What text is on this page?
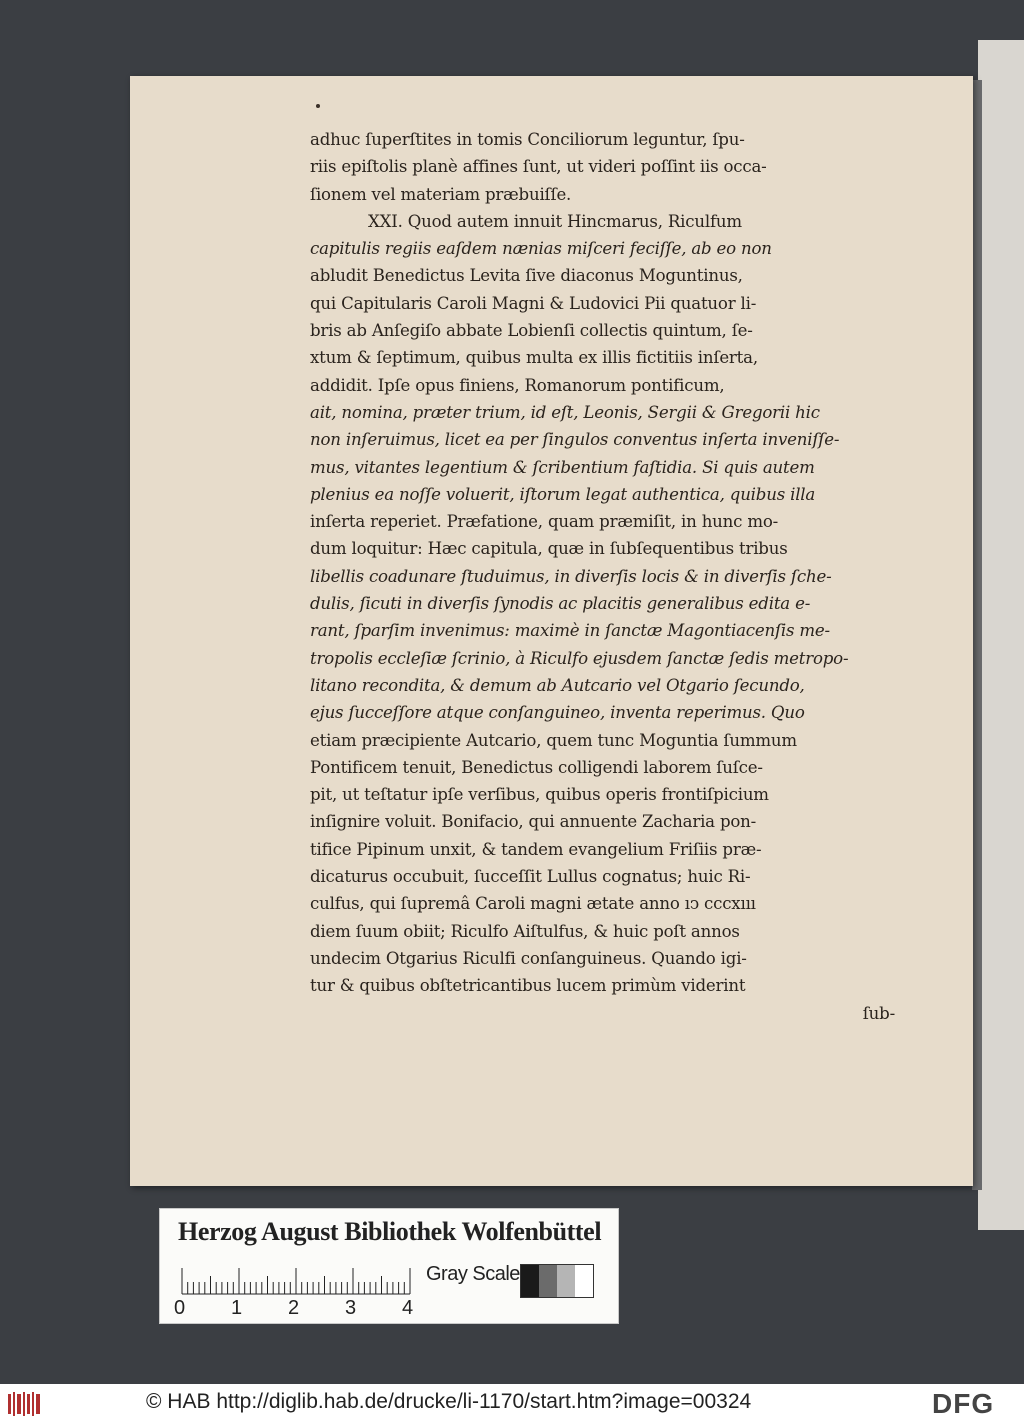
adhuc ſuperſtites in tomis Conciliorum leguntur, ſpu-
riis epiſtolis planè affines ſunt, ut videri poſſint iis occa-
ſionem vel materiam præbuiſſe.
XXI. Quod autem innuit Hincmarus, Riculfum
capitulis regiis eaſdem nænias miſceri feciſſe, ab eo non
abludit Benedictus Levita ſive diaconus Moguntinus,
qui Capitularis Caroli Magni & Ludovici Pii quatuor li-
bris ab Anſegiſo abbate Lobienſi collectis quintum, ſe-
xtum & ſeptimum, quibus multa ex illis fictitiis inſerta,
addidit. Ipſe opus finiens, Romanorum pontificum,
ait, nomina, præter trium, id eſt, Leonis, Sergii & Gregorii hic
non inſeruimus, licet ea per ſingulos conventus inſerta inveniſſe-
mus, vitantes legentium & ſcribentium faſtidia. Si quis autem
plenius ea noſſe voluerit, iſtorum legat authentica, quibus illa
inſerta reperiet. Præfatione, quam præmiſit, in hunc mo-
dum loquitur: Hæc capitula, quæ in ſubſequentibus tribus
libellis coadunare ſtuduimus, in diverſis locis & in diverſis ſche-
dulis, ſicuti in diverſis ſynodis ac placitis generalibus edita e-
rant, ſparſim invenimus: maximè in ſanctæ Magontiacenſis me-
tropolis eccleſiæ ſcrinio, à Riculfo ejusdem ſanctæ ſedis metropo-
litano recondita, & demum ab Autcario vel Otgario ſecundo,
ejus ſucceſſore atque conſanguineo, inventa reperimus. Quo
etiam præcipiente Autcario, quem tunc Moguntia ſummum
Pontificem tenuit, Benedictus colligendi laborem ſuſce-
pit, ut teſtatur ipſe verſibus, quibus operis frontiſpicium
inſignire voluit. Bonifacio, qui annuente Zacharia pon-
tifice Pipinum unxit, & tandem evangelium Friſiis præ-
dicaturus occubuit, ſucceſſit Lullus cognatus; huic Ri-
culfus, qui ſupremâ Caroli magni ætate anno ıↄ cccxııı
diem ſuum obiit; Riculfo Aiſtulfus, & huic poſt annos
undecim Otgarius Riculfi conſanguineus. Quando igi-
tur & quibus obſtetricantibus lucem primùm viderint
ſub-
Herzog August Bibliothek Wolfenbüttel
0 1 2 3 4
Gray Scale
© HAB http://diglib.hab.de/drucke/li-1170/start.htm?image=00324	DFG
